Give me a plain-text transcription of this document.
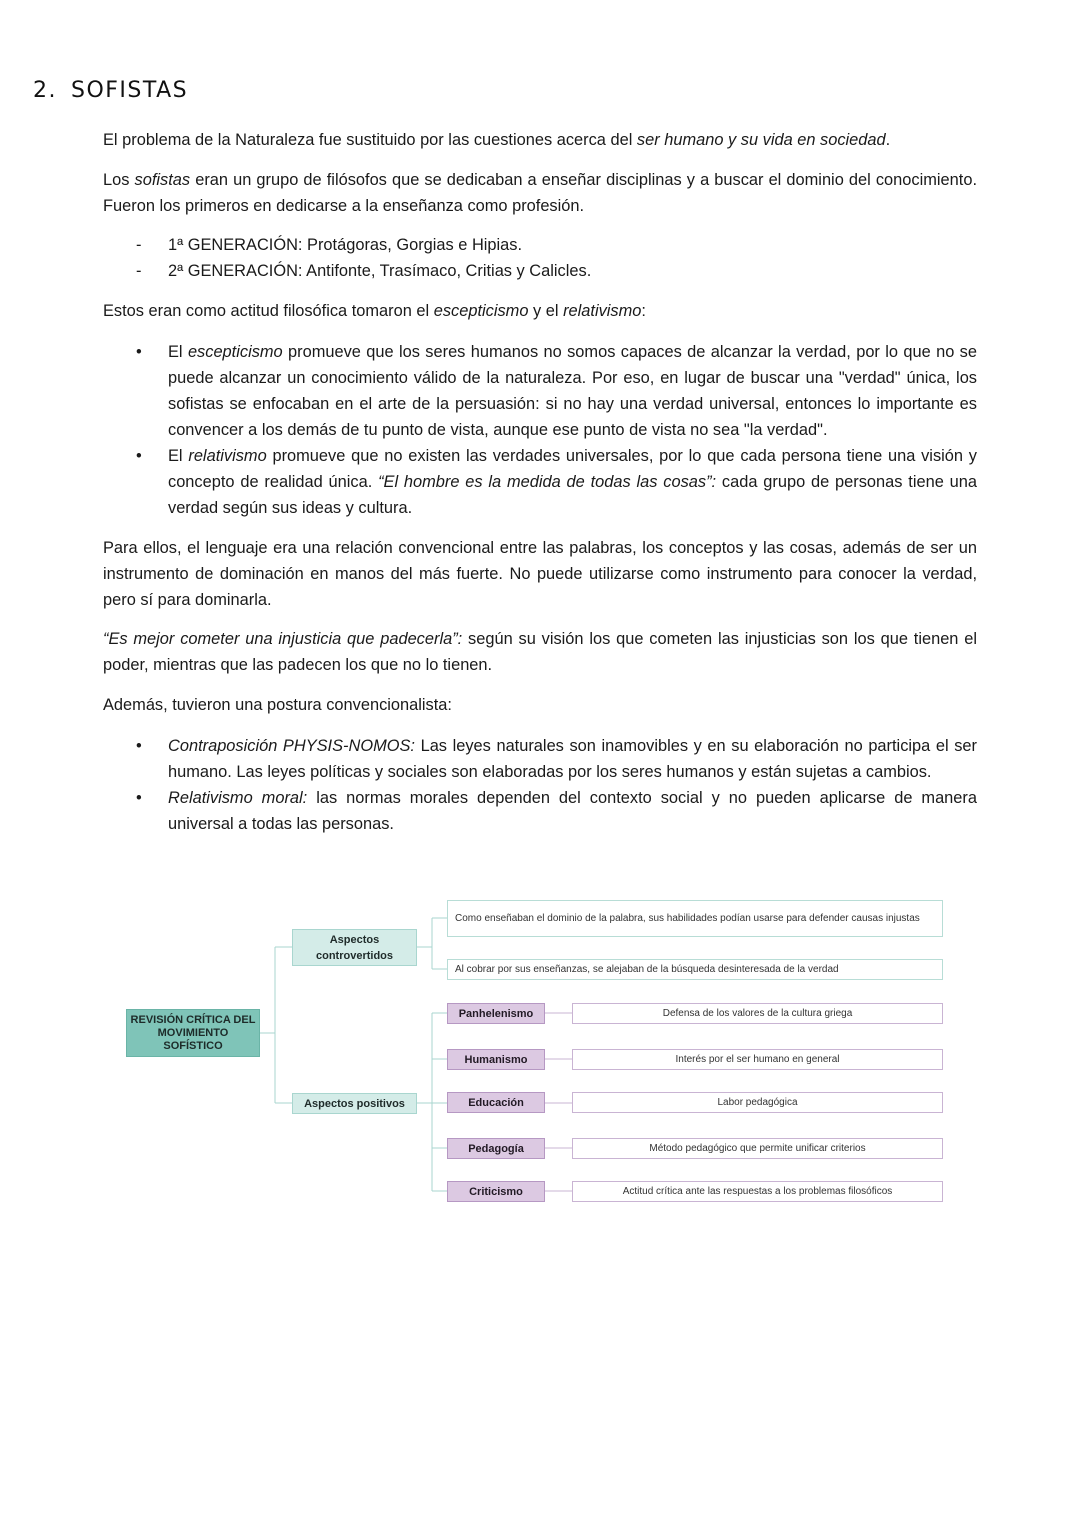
2. SOFISTAS
El problema de la Naturaleza fue sustituido por las cuestiones acerca del ser humano y su vida en sociedad.
Los sofistas eran un grupo de filósofos que se dedicaban a enseñar disciplinas y a buscar el dominio del conocimiento. Fueron los primeros en dedicarse a la enseñanza como profesión.
- 1ª GENERACIÓN: Protágoras, Gorgias e Hipias.
- 2ª GENERACIÓN: Antifonte, Trasímaco, Critias y Calicles.
Estos eran como actitud filosófica tomaron el escepticismo y el relativismo:
• El escepticismo promueve que los seres humanos no somos capaces de alcanzar la verdad, por lo que no se puede alcanzar un conocimiento válido de la naturaleza. Por eso, en lugar de buscar una "verdad" única, los sofistas se enfocaban en el arte de la persuasión: si no hay una verdad universal, entonces lo importante es convencer a los demás de tu punto de vista, aunque ese punto de vista no sea "la verdad".
• El relativismo promueve que no existen las verdades universales, por lo que cada persona tiene una visión y concepto de realidad única. “El hombre es la medida de todas las cosas”: cada grupo de personas tiene una verdad según sus ideas y cultura.
Para ellos, el lenguaje era una relación convencional entre las palabras, los conceptos y las cosas, además de ser un instrumento de dominación en manos del más fuerte. No puede utilizarse como instrumento para conocer la verdad, pero sí para dominarla.
“Es mejor cometer una injusticia que padecerla”: según su visión los que cometen las injusticias son los que tienen el poder, mientras que las padecen los que no lo tienen.
Además, tuvieron una postura convencionalista:
• Contraposición PHYSIS-NOMOS: Las leyes naturales son inamovibles y en su elaboración no participa el ser humano. Las leyes políticas y sociales son elaboradas por los seres humanos y están sujetas a cambios.
• Relativismo moral: las normas morales dependen del contexto social y no pueden aplicarse de manera universal a todas las personas.
REVISIÓN CRÍTICA DEL MOVIMIENTO SOFÍSTICO
Aspectos controvertidos
Aspectos positivos
Como enseñaban el dominio de la palabra, sus habilidades podían usarse para defender causas injustas
Al cobrar por sus enseñanzas, se alejaban de la búsqueda desinteresada de la verdad
Panhelenismo	Defensa de los valores de la cultura griega
Humanismo	Interés por el ser humano en general
Educación	Labor pedagógica
Pedagogía	Método pedagógico que permite unificar criterios
Criticismo	Actitud crítica ante las respuestas a los problemas filosóficos
